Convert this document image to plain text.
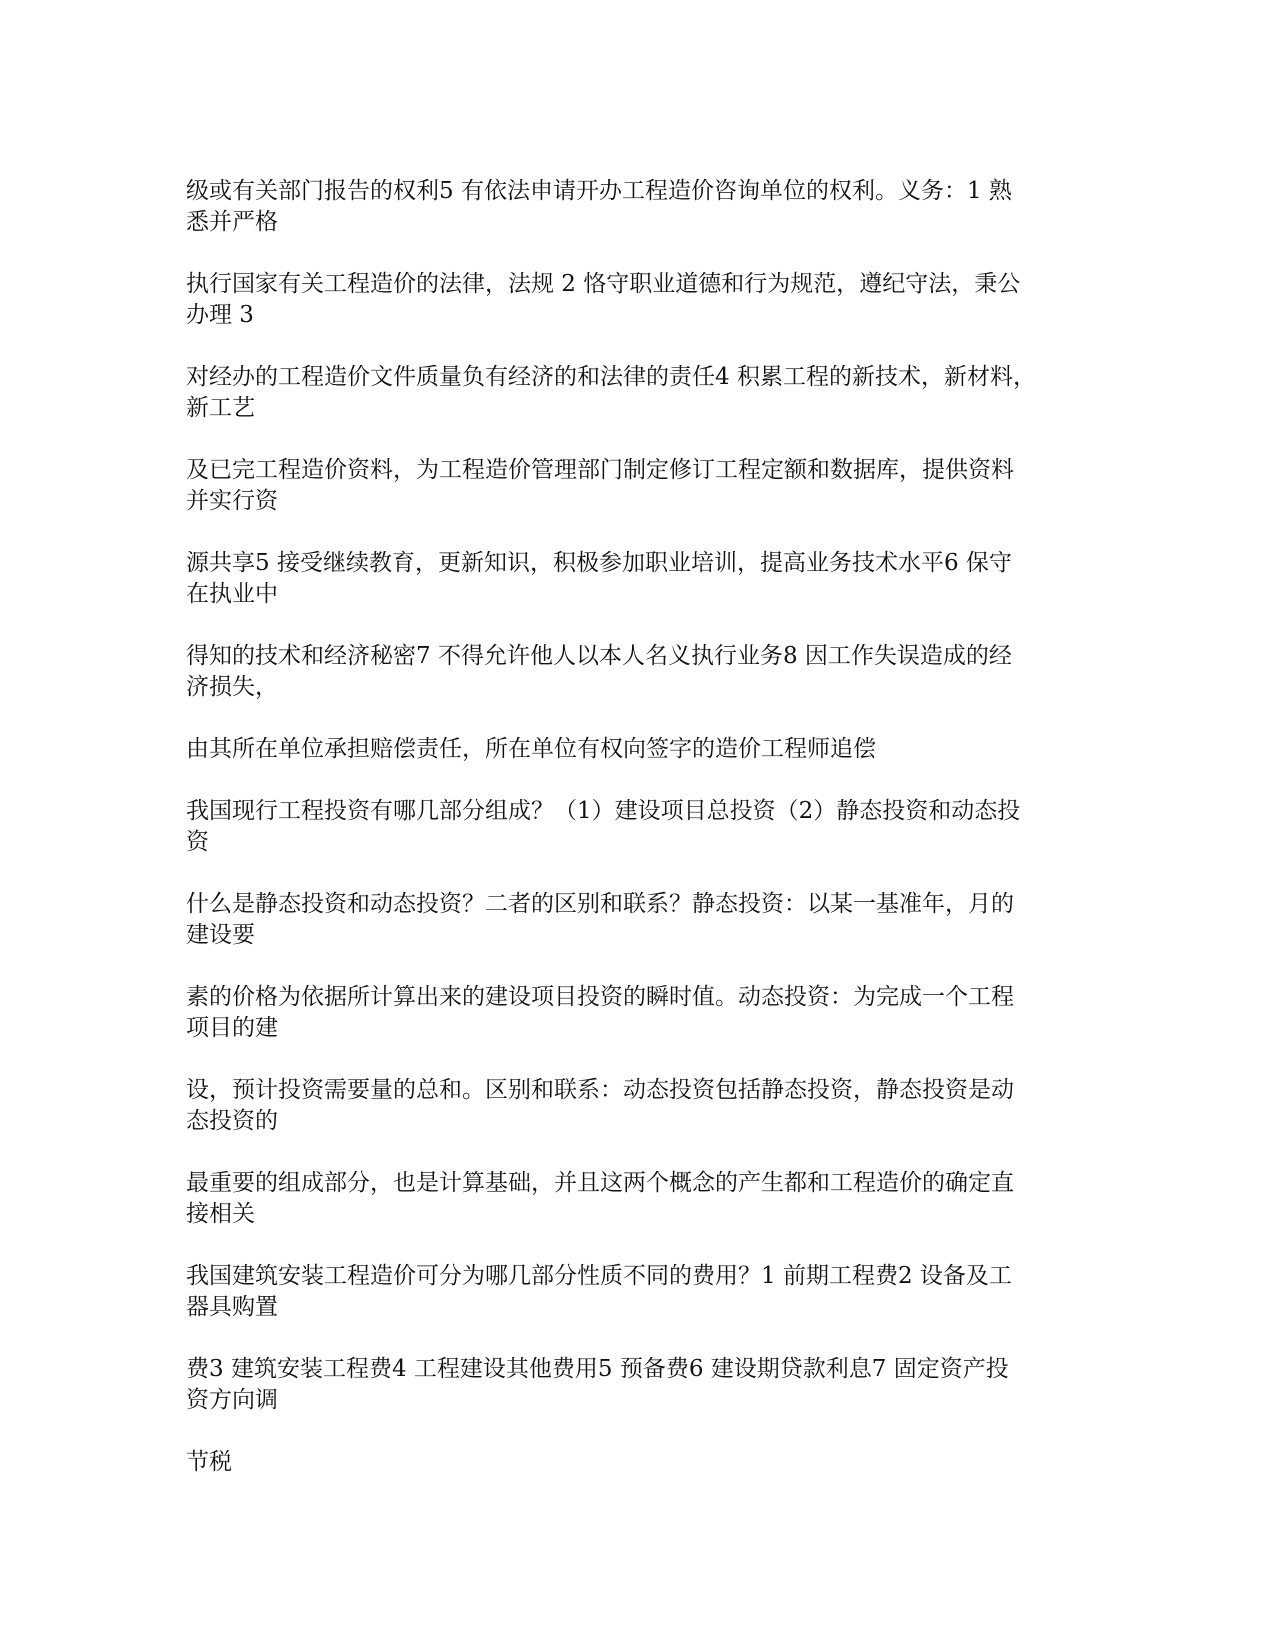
级或有关部门报告的权利5 有依法申请开办工程造价咨询单位的权利。义务：1 熟
悉并严格

执行国家有关工程造价的法律，法规 2 恪守职业道德和行为规范，遵纪守法，秉公
办理 3

对经办的工程造价文件质量负有经济的和法律的责任4 积累工程的新技术，新材料，
新工艺

及已完工程造价资料，为工程造价管理部门制定修订工程定额和数据库，提供资料
并实行资

源共享5 接受继续教育，更新知识，积极参加职业培训，提高业务技术水平6 保守
在执业中

得知的技术和经济秘密7 不得允许他人以本人名义执行业务8 因工作失误造成的经
济损失，

由其所在单位承担赔偿责任，所在单位有权向签字的造价工程师追偿

我国现行工程投资有哪几部分组成？（1）建设项目总投资（2）静态投资和动态投
资

什么是静态投资和动态投资？二者的区别和联系？静态投资：以某一基准年，月的
建设要

素的价格为依据所计算出来的建设项目投资的瞬时值。动态投资：为完成一个工程
项目的建

设，预计投资需要量的总和。区别和联系：动态投资包括静态投资，静态投资是动
态投资的

最重要的组成部分，也是计算基础，并且这两个概念的产生都和工程造价的确定直
接相关

我国建筑安装工程造价可分为哪几部分性质不同的费用？1 前期工程费2 设备及工
器具购置

费3 建筑安装工程费4 工程建设其他费用5 预备费6 建设期贷款利息7 固定资产投
资方向调

节税
